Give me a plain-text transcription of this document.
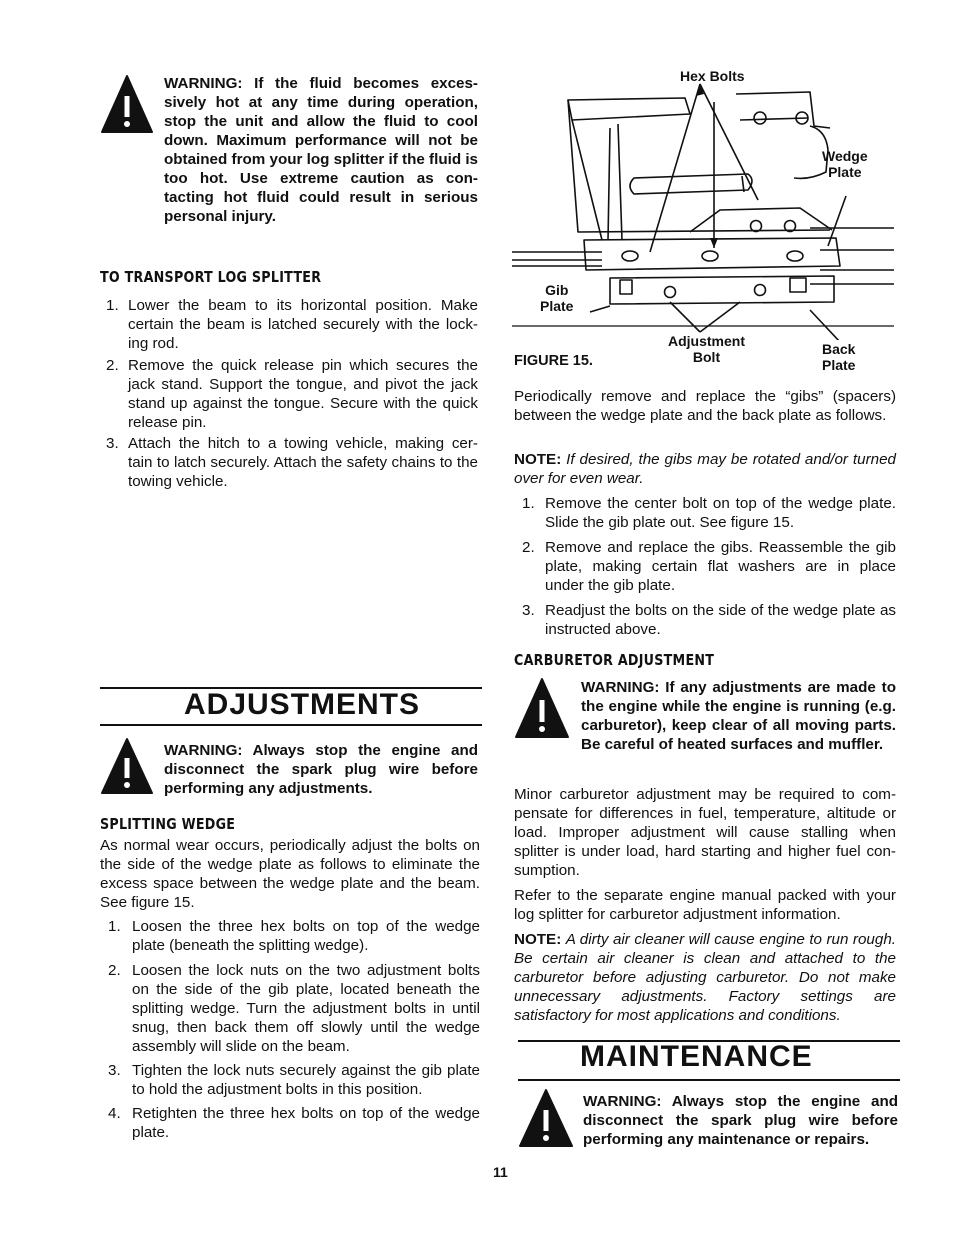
WARNING: If the fluid becomes exces- sively hot at any time during operation, stop the unit and allow the fluid to cool down. Maximum performance will not be obtained from your log splitter if the fluid is too hot. Use extreme caution as con- tacting hot fluid could result in serious personal injury.
TO TRANSPORT LOG SPLITTER
1. Lower the beam to its horizontal position. Make certain the beam is latched securely with the lock- ing rod.
2. Remove the quick release pin which secures the jack stand. Support the tongue, and pivot the jack stand up against the tongue. Secure with the quick release pin.
3. Attach the hitch to a towing vehicle, making cer- tain to latch securely. Attach the safety chains to the towing vehicle.
ADJUSTMENTS
WARNING: Always stop the engine and disconnect the spark plug wire before performing any adjustments.
SPLITTING WEDGE
As normal wear occurs, periodically adjust the bolts on the side of the wedge plate as follows to eliminate the excess space between the wedge plate and the beam. See figure 15.
1. Loosen the three hex bolts on top of the wedge plate (beneath the splitting wedge).
2. Loosen the lock nuts on the two adjustment bolts on the side of the gib plate, located beneath the splitting wedge. Turn the adjustment bolts in until snug, then back them off slowly until the wedge assembly will slide on the beam.
3. Tighten the lock nuts securely against the gib plate to hold the adjustment bolts in this position.
4. Retighten the three hex bolts on top of the wedge plate.
Hex Bolts
Wedge
Plate
Gib
Plate
Adjustment
Bolt	Back
Plate
FIGURE 15.
Periodically remove and replace the “gibs” (spacers) between the wedge plate and the back plate as follows.
NOTE: If desired, the gibs may be rotated and/or turned over for even wear.
1. Remove the center bolt on top of the wedge plate. Slide the gib plate out. See figure 15.
2. Remove and replace the gibs. Reassemble the gib plate, making certain flat washers are in place under the gib plate.
3. Readjust the bolts on the side of the wedge plate as instructed above.
CARBURETOR ADJUSTMENT
WARNING: If any adjustments are made to the engine while the engine is running (e.g. carburetor), keep clear of all moving parts. Be careful of heated surfaces and muffler.
Minor carburetor adjustment may be required to com- pensate for differences in fuel, temperature, altitude or load. Improper adjustment will cause stalling when splitter is under load, hard starting and higher fuel con- sumption.
Refer to the separate engine manual packed with your log splitter for carburetor adjustment information.
NOTE: A dirty air cleaner will cause engine to run rough. Be certain air cleaner is clean and attached to the carburetor before adjusting carburetor. Do not make unnecessary adjustments. Factory settings are satisfactory for most applications and conditions.
MAINTENANCE
WARNING: Always stop the engine and disconnect the spark plug wire before performing any maintenance or repairs.
11
